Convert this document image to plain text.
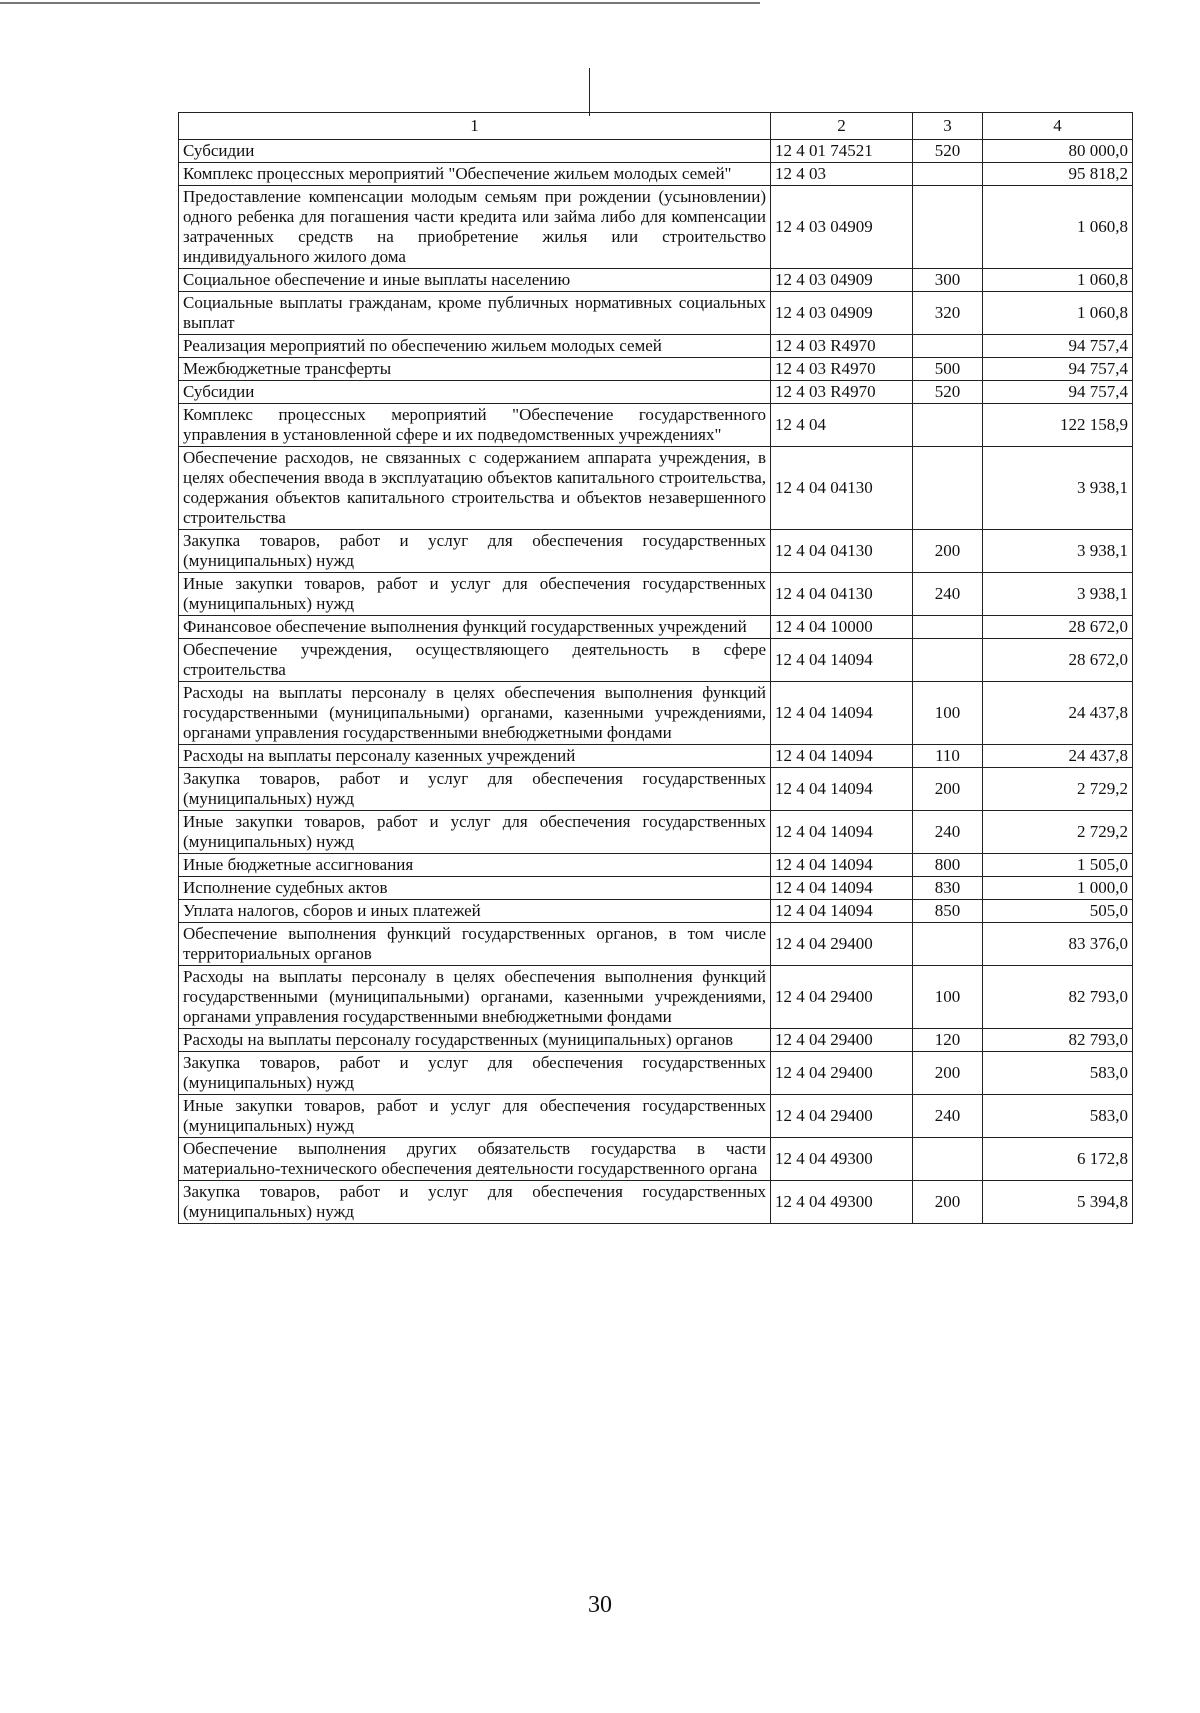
1	2	3	4
Субсидии	12 4 01 74521	520	80 000,0
Комплекс процессных мероприятий "Обеспечение жильем молодых семей"	12 4 03		95 818,2
Предоставление компенсации молодым семьям при рождении (усыновлении) одного ребенка для погашения части кредита или займа либо для компенсации затраченных средств на приобретение жилья или строительство индивидуального жилого дома	12 4 03 04909		1 060,8
Социальное обеспечение и иные выплаты населению	12 4 03 04909	300	1 060,8
Социальные выплаты гражданам, кроме публичных нормативных социальных выплат	12 4 03 04909	320	1 060,8
Реализация мероприятий по обеспечению жильем молодых семей	12 4 03 R4970		94 757,4
Межбюджетные трансферты	12 4 03 R4970	500	94 757,4
Субсидии	12 4 03 R4970	520	94 757,4
Комплекс процессных мероприятий "Обеспечение государственного управления в установленной сфере и их подведомственных учреждениях"	12 4 04		122 158,9
Обеспечение расходов, не связанных с содержанием аппарата учреждения, в целях обеспечения ввода в эксплуатацию объектов капитального строительства, содержания объектов капитального строительства и объектов незавершенного строительства	12 4 04 04130		3 938,1
Закупка товаров, работ и услуг для обеспечения государственных (муниципальных) нужд	12 4 04 04130	200	3 938,1
Иные закупки товаров, работ и услуг для обеспечения государственных (муниципальных) нужд	12 4 04 04130	240	3 938,1
Финансовое обеспечение выполнения функций государственных учреждений	12 4 04 10000		28 672,0
Обеспечение учреждения, осуществляющего деятельность в сфере строительства	12 4 04 14094		28 672,0
Расходы на выплаты персоналу в целях обеспечения выполнения функций государственными (муниципальными) органами, казенными учреждениями, органами управления государственными внебюджетными фондами	12 4 04 14094	100	24 437,8
Расходы на выплаты персоналу казенных учреждений	12 4 04 14094	110	24 437,8
Закупка товаров, работ и услуг для обеспечения государственных (муниципальных) нужд	12 4 04 14094	200	2 729,2
Иные закупки товаров, работ и услуг для обеспечения государственных (муниципальных) нужд	12 4 04 14094	240	2 729,2
Иные бюджетные ассигнования	12 4 04 14094	800	1 505,0
Исполнение судебных актов	12 4 04 14094	830	1 000,0
Уплата налогов, сборов и иных платежей	12 4 04 14094	850	505,0
Обеспечение выполнения функций государственных органов, в том числе территориальных органов	12 4 04 29400		83 376,0
Расходы на выплаты персоналу в целях обеспечения выполнения функций государственными (муниципальными) органами, казенными учреждениями, органами управления государственными внебюджетными фондами	12 4 04 29400	100	82 793,0
Расходы на выплаты персоналу государственных (муниципальных) органов	12 4 04 29400	120	82 793,0
Закупка товаров, работ и услуг для обеспечения государственных (муниципальных) нужд	12 4 04 29400	200	583,0
Иные закупки товаров, работ и услуг для обеспечения государственных (муниципальных) нужд	12 4 04 29400	240	583,0
Обеспечение выполнения других обязательств государства в части материально-технического обеспечения деятельности государственного органа	12 4 04 49300		6 172,8
Закупка товаров, работ и услуг для обеспечения государственных (муниципальных) нужд	12 4 04 49300	200	5 394,8
30
